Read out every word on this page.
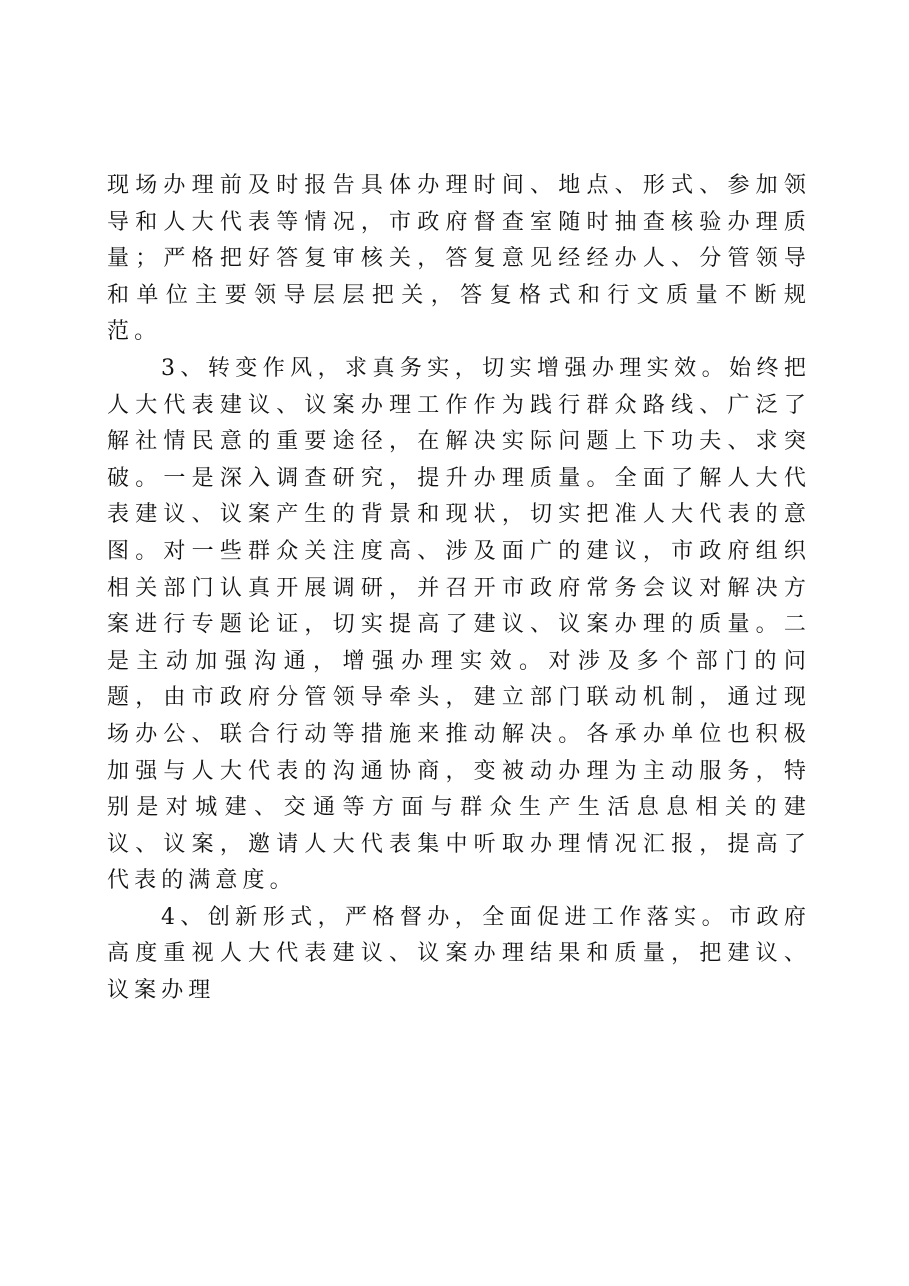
现场办理前及时报告具体办理时间、地点、形式、参加领导和人大代表等情况，市政府督查室随时抽查核验办理质量；严格把好答复审核关，答复意见经经办人、分管领导和单位主要领导层层把关，答复格式和行文质量不断规范。

3、转变作风，求真务实，切实增强办理实效。始终把人大代表建议、议案办理工作作为践行群众路线、广泛了解社情民意的重要途径，在解决实际问题上下功夫、求突破。一是深入调查研究，提升办理质量。全面了解人大代表建议、议案产生的背景和现状，切实把准人大代表的意图。对一些群众关注度高、涉及面广的建议，市政府组织相关部门认真开展调研，并召开市政府常务会议对解决方案进行专题论证，切实提高了建议、议案办理的质量。二是主动加强沟通，增强办理实效。对涉及多个部门的问题，由市政府分管领导牵头，建立部门联动机制，通过现场办公、联合行动等措施来推动解决。各承办单位也积极加强与人大代表的沟通协商，变被动办理为主动服务，特别是对城建、交通等方面与群众生产生活息息相关的建议、议案，邀请人大代表集中听取办理情况汇报，提高了代表的满意度。

4、创新形式，严格督办，全面促进工作落实。市政府高度重视人大代表建议、议案办理结果和质量，把建议、议案办理
